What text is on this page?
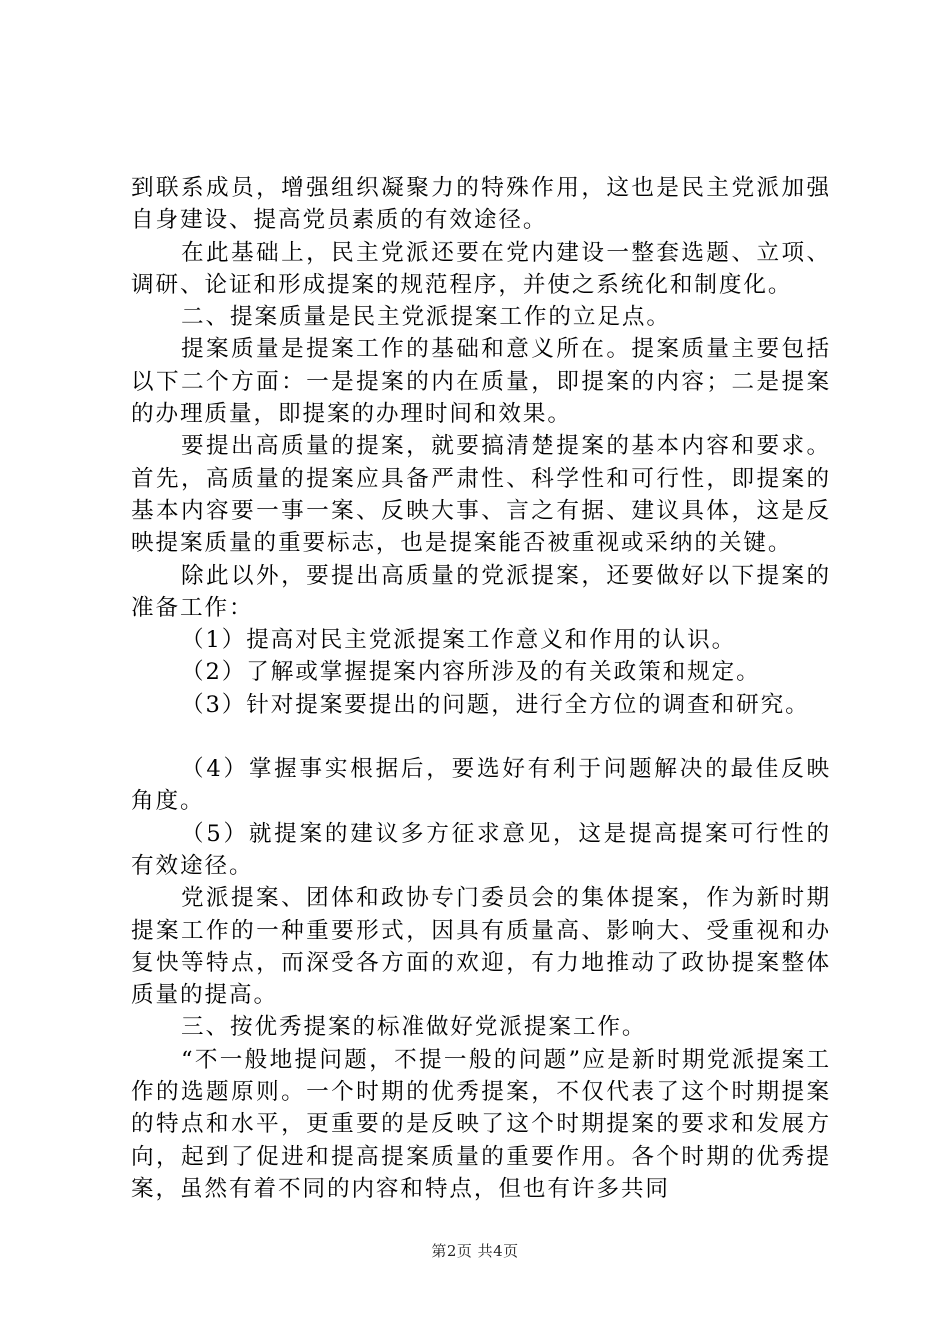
到联系成员，增强组织凝聚力的特殊作用，这也是民主党派加强自身建设、提高党员素质的有效途径。

在此基础上，民主党派还要在党内建设一整套选题、立项、调研、论证和形成提案的规范程序，并使之系统化和制度化。

二、提案质量是民主党派提案工作的立足点。

提案质量是提案工作的基础和意义所在。提案质量主要包括以下二个方面：一是提案的内在质量，即提案的内容；二是提案的办理质量，即提案的办理时间和效果。

要提出高质量的提案，就要搞清楚提案的基本内容和要求。首先，高质量的提案应具备严肃性、科学性和可行性，即提案的基本内容要一事一案、反映大事、言之有据、建议具体，这是反映提案质量的重要标志，也是提案能否被重视或采纳的关键。

除此以外，要提出高质量的党派提案，还要做好以下提案的准备工作：

（1）提高对民主党派提案工作意义和作用的认识。

（2）了解或掌握提案内容所涉及的有关政策和规定。

（3）针对提案要提出的问题，进行全方位的调查和研究。

（4）掌握事实根据后，要选好有利于问题解决的最佳反映角度。

（5）就提案的建议多方征求意见，这是提高提案可行性的有效途径。

党派提案、团体和政协专门委员会的集体提案，作为新时期提案工作的一种重要形式，因具有质量高、影响大、受重视和办复快等特点，而深受各方面的欢迎，有力地推动了政协提案整体质量的提高。

三、按优秀提案的标准做好党派提案工作。

“不一般地提问题，不提一般的问题”应是新时期党派提案工作的选题原则。一个时期的优秀提案，不仅代表了这个时期提案的特点和水平，更重要的是反映了这个时期提案的要求和发展方向，起到了促进和提高提案质量的重要作用。各个时期的优秀提案，虽然有着不同的内容和特点，但也有许多共同

第2页 共4页
